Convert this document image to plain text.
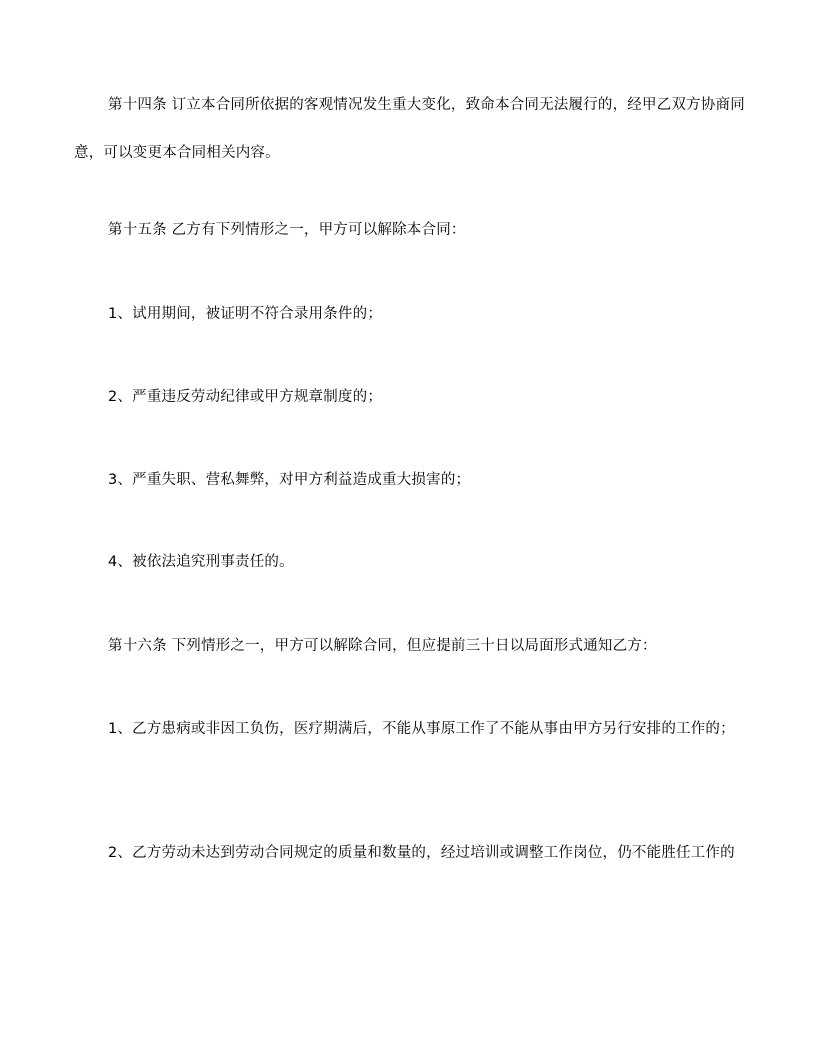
第十四条 订立本合同所依据的客观情况发生重大变化，致命本合同无法履行的，经甲乙双方协商同意，可以变更本合同相关内容。

第十五条 乙方有下列情形之一，甲方可以解除本合同：

1、试用期间，被证明不符合录用条件的；

2、严重违反劳动纪律或甲方规章制度的；

3、严重失职、营私舞弊，对甲方利益造成重大损害的；

4、被依法追究刑事责任的。

第十六条 下列情形之一，甲方可以解除合同，但应提前三十日以局面形式通知乙方：

1、乙方患病或非因工负伤，医疗期满后，不能从事原工作了不能从事由甲方另行安排的工作的；

2、乙方劳动未达到劳动合同规定的质量和数量的，经过培训或调整工作岗位，仍不能胜任工作的
